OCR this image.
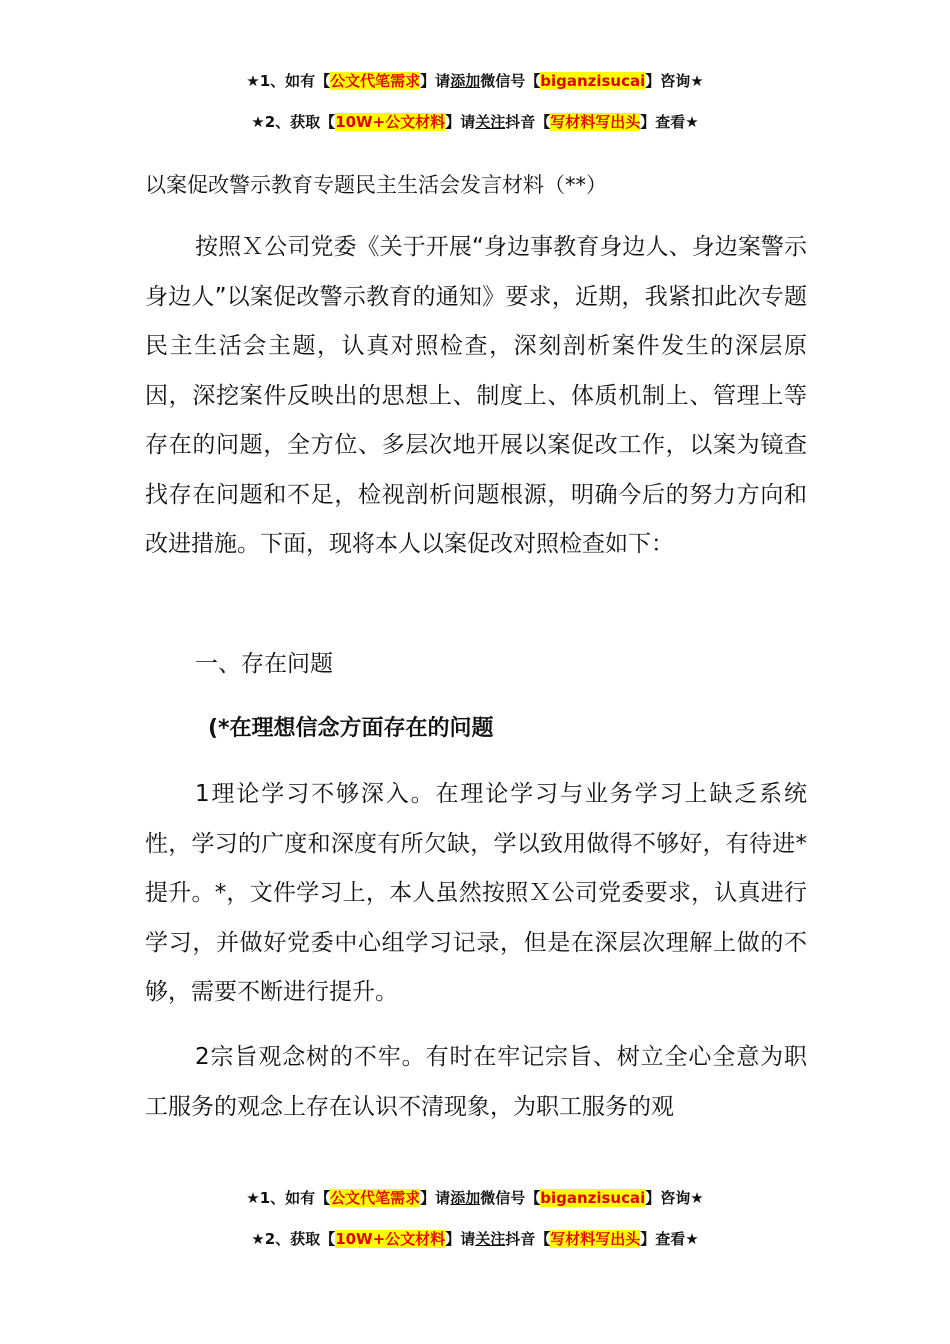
★1、如有【公文代笔需求】请添加微信号【biganzisucai】咨询★
★2、获取【10W+公文材料】请关注抖音【写材料写出头】查看★
以案促改警示教育专题民主生活会发言材料（**）

按照Ｘ公司党委《关于开展“身边事教育身边人、身边案警示身边人”以案促改警示教育的通知》要求，近期，我紧扣此次专题民主生活会主题，认真对照检查，深刻剖析案件发生的深层原因，深挖案件反映出的思想上、制度上、体质机制上、管理上等存在的问题，全方位、多层次地开展以案促改工作，以案为镜查找存在问题和不足，检视剖析问题根源，明确今后的努力方向和改进措施。下面，现将本人以案促改对照检查如下：

一、存在问题
(*在理想信念方面存在的问题

1理论学习不够深入。在理论学习与业务学习上缺乏系统性，学习的广度和深度有所欠缺，学以致用做得不够好，有待进*提升。*，文件学习上，本人虽然按照Ｘ公司党委要求，认真进行学习，并做好党委中心组学习记录，但是在深层次理解上做的不够，需要不断进行提升。

2宗旨观念树的不牢。有时在牢记宗旨、树立全心全意为职工服务的观念上存在认识不清现象，为职工服务的观

★1、如有【公文代笔需求】请添加微信号【biganzisucai】咨询★
★2、获取【10W+公文材料】请关注抖音【写材料写出头】查看★
